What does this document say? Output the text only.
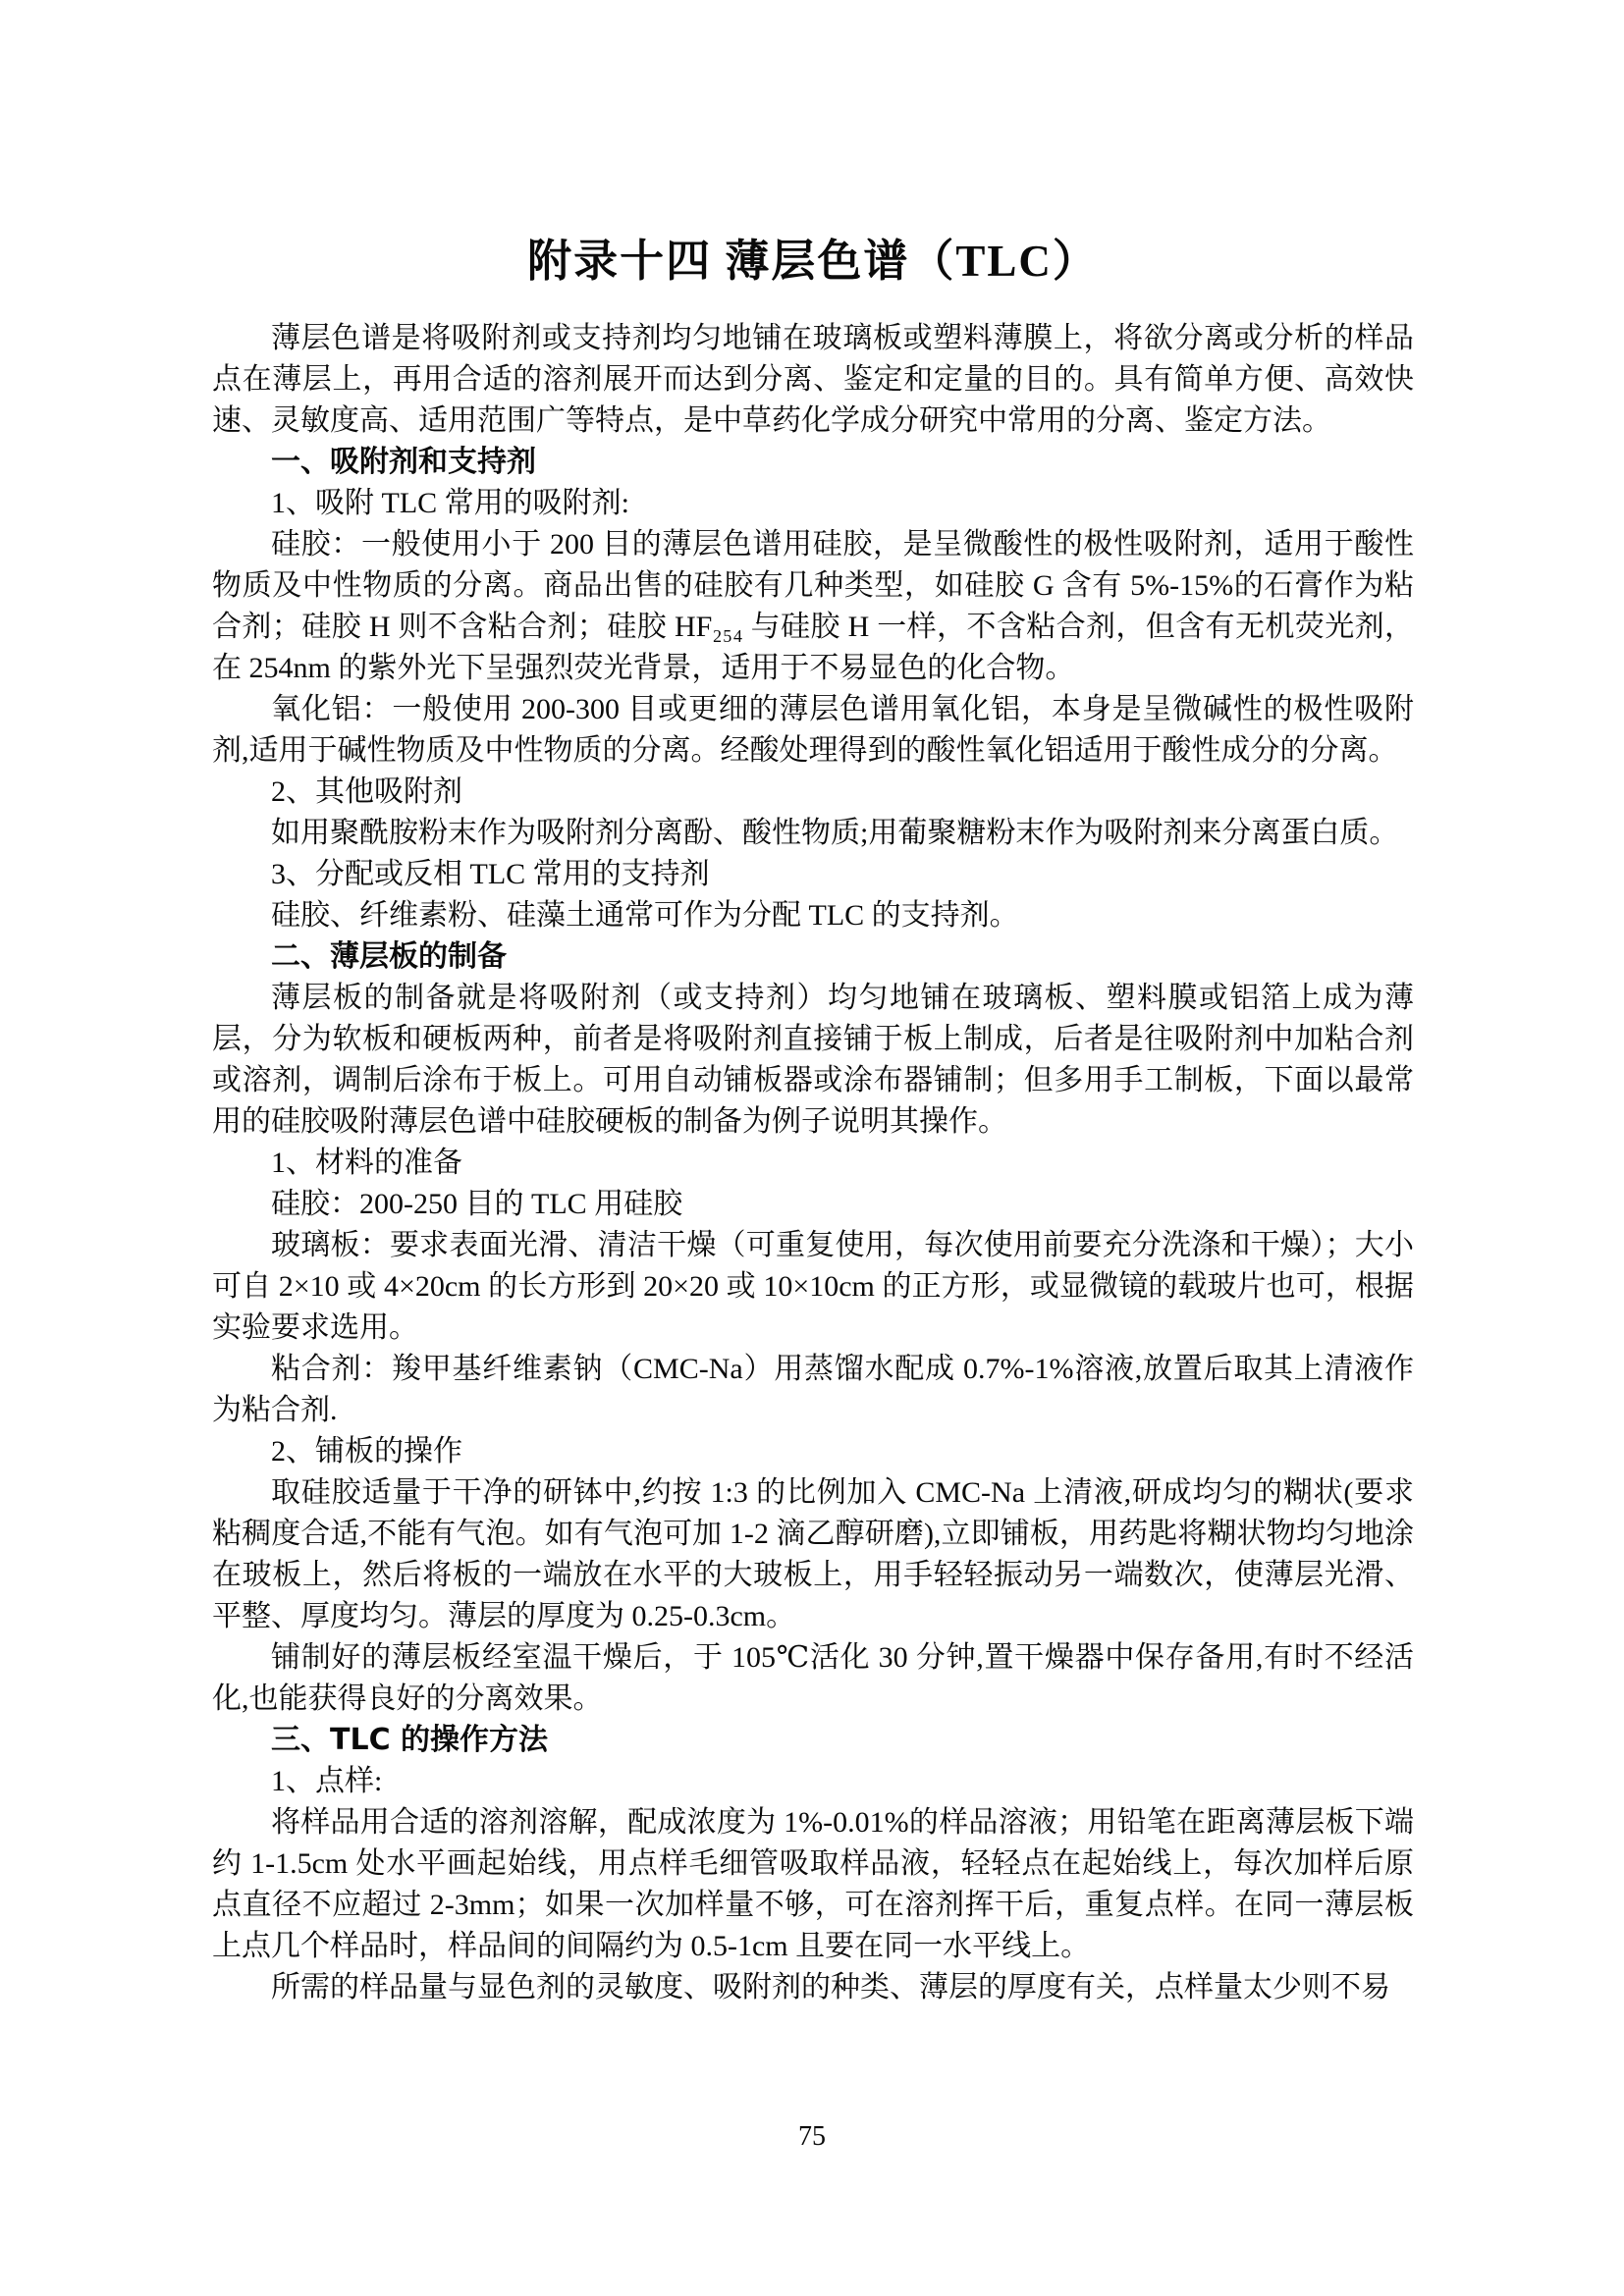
附录十四 薄层色谱（TLC）
薄层色谱是将吸附剂或支持剂均匀地铺在玻璃板或塑料薄膜上，将欲分离或分析的样品点在薄层上，再用合适的溶剂展开而达到分离、鉴定和定量的目的。具有简单方便、高效快速、灵敏度高、适用范围广等特点，是中草药化学成分研究中常用的分离、鉴定方法。
一、吸附剂和支持剂
1、吸附 TLC 常用的吸附剂:
硅胶：一般使用小于 200 目的薄层色谱用硅胶，是呈微酸性的极性吸附剂，适用于酸性物质及中性物质的分离。商品出售的硅胶有几种类型，如硅胶 G 含有 5%-15%的石膏作为粘合剂；硅胶 H 则不含粘合剂；硅胶 HF₂₅₄ 与硅胶 H 一样，不含粘合剂，但含有无机荧光剂，在 254nm 的紫外光下呈强烈荧光背景，适用于不易显色的化合物。
氧化铝：一般使用 200-300 目或更细的薄层色谱用氧化铝，本身是呈微碱性的极性吸附剂,适用于碱性物质及中性物质的分离。经酸处理得到的酸性氧化铝适用于酸性成分的分离。
2、其他吸附剂
如用聚酰胺粉末作为吸附剂分离酚、酸性物质;用葡聚糖粉末作为吸附剂来分离蛋白质。
3、分配或反相 TLC 常用的支持剂
硅胶、纤维素粉、硅藻土通常可作为分配 TLC 的支持剂。
二、薄层板的制备
薄层板的制备就是将吸附剂（或支持剂）均匀地铺在玻璃板、塑料膜或铝箔上成为薄层，分为软板和硬板两种，前者是将吸附剂直接铺于板上制成，后者是往吸附剂中加粘合剂或溶剂，调制后涂布于板上。可用自动铺板器或涂布器铺制；但多用手工制板，下面以最常用的硅胶吸附薄层色谱中硅胶硬板的制备为例子说明其操作。
1、材料的准备
硅胶：200-250 目的 TLC 用硅胶
玻璃板：要求表面光滑、清洁干燥（可重复使用，每次使用前要充分洗涤和干燥）；大小可自 2×10 或 4×20cm 的长方形到 20×20 或 10×10cm 的正方形，或显微镜的载玻片也可，根据实验要求选用。
粘合剂：羧甲基纤维素钠（CMC-Na）用蒸馏水配成 0.7%-1%溶液,放置后取其上清液作为粘合剂.
2、铺板的操作
取硅胶适量于干净的研钵中,约按 1:3 的比例加入 CMC-Na 上清液,研成均匀的糊状(要求粘稠度合适,不能有气泡。如有气泡可加 1-2 滴乙醇研磨),立即铺板，用药匙将糊状物均匀地涂在玻板上，然后将板的一端放在水平的大玻板上，用手轻轻振动另一端数次，使薄层光滑、平整、厚度均匀。薄层的厚度为 0.25-0.3cm。
铺制好的薄层板经室温干燥后，于 105℃活化 30 分钟,置干燥器中保存备用,有时不经活化,也能获得良好的分离效果。
三、TLC 的操作方法
1、点样:
将样品用合适的溶剂溶解，配成浓度为 1%-0.01%的样品溶液；用铅笔在距离薄层板下端约 1-1.5cm 处水平画起始线，用点样毛细管吸取样品液，轻轻点在起始线上，每次加样后原点直径不应超过 2-3mm；如果一次加样量不够，可在溶剂挥干后，重复点样。在同一薄层板上点几个样品时，样品间的间隔约为 0.5-1cm 且要在同一水平线上。
所需的样品量与显色剂的灵敏度、吸附剂的种类、薄层的厚度有关，点样量太少则不易
75
